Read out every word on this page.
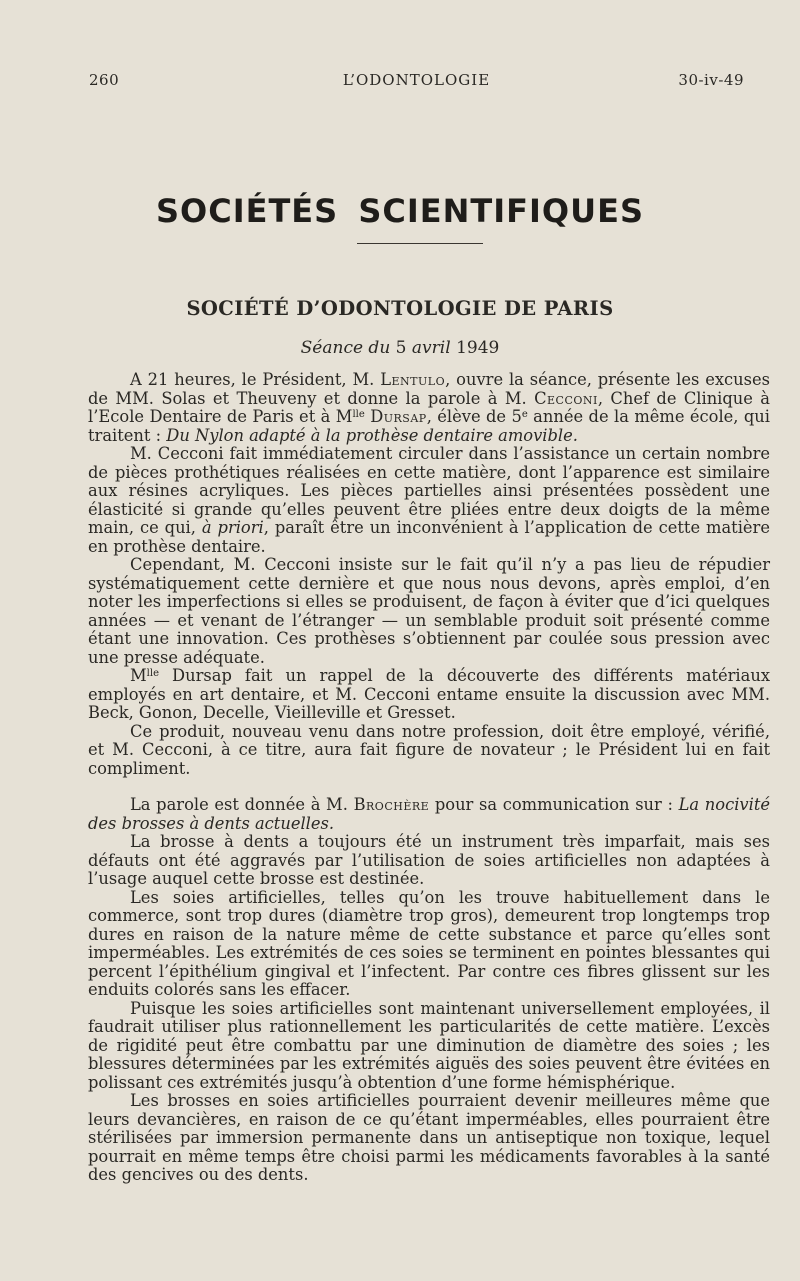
260	L’ODONTOLOGIE	30-iv-49
SOCIÉTÉS SCIENTIFIQUES
SOCIÉTÉ D’ODONTOLOGIE DE PARIS
Séance du 5 avril 1949

A 21 heures, le Président, M. Lentulo, ouvre la séance, présente les excuses de MM. Solas et Theuveny et donne la parole à M. Cecconi, Chef de Clinique à l’Ecole Dentaire de Paris et à $M^{lle}$ Dursap, élève de 5e année de la même école, qui traitent : Du Nylon adapté à la prothèse dentaire amovible.

M. Cecconi fait immédiatement circuler dans l’assistance un certain nombre de pièces prothétiques réalisées en cette matière, dont l’apparence est similaire aux résines acryliques. Les pièces partielles ainsi présentées possèdent une élasticité si grande qu’elles peuvent être pliées entre deux doigts de la même main, ce qui, à priori, paraît être un inconvénient à l’application de cette matière en prothèse dentaire.

Cependant, M. Cecconi insiste sur le fait qu’il n’y a pas lieu de répudier systématiquement cette dernière et que nous nous devons, après emploi, d’en noter les imperfections si elles se produisent, de façon à éviter que d’ici quelques années — et venant de l’étranger — un semblable produit soit présenté comme étant une innovation. Ces prothèses s’obtiennent par coulée sous pression avec une presse adéquate.

$M^{lle}$ Dursap fait un rappel de la découverte des différents matériaux employés en art dentaire, et M. Cecconi entame ensuite la discussion avec MM. Beck, Gonon, Decelle, Vieilleville et Gresset.

Ce produit, nouveau venu dans notre profession, doit être employé, vérifié, et M. Cecconi, à ce titre, aura fait figure de novateur ; le Président lui en fait compliment.

La parole est donnée à M. Brochère pour sa communication sur : La nocivité des brosses à dents actuelles.

La brosse à dents a toujours été un instrument très imparfait, mais ses défauts ont été aggravés par l’utilisation de soies artificielles non adaptées à l’usage auquel cette brosse est destinée.

Les soies artificielles, telles qu’on les trouve habituellement dans le commerce, sont trop dures (diamètre trop gros), demeurent trop longtemps trop dures en raison de la nature même de cette substance et parce qu’elles sont imperméables. Les extrémités de ces soies se terminent en pointes blessantes qui percent l’épithélium gingival et l’infectent. Par contre ces fibres glissent sur les enduits colorés sans les effacer.

Puisque les soies artificielles sont maintenant universellement employées, il faudrait utiliser plus rationnellement les particularités de cette matière. L’excès de rigidité peut être combattu par une diminution de diamètre des soies ; les blessures déterminées par les extrémités aiguës des soies peuvent être évitées en polissant ces extrémités jusqu’à obtention d’une forme hémisphérique.

Les brosses en soies artificielles pourraient devenir meilleures même que leurs devancières, en raison de ce qu’étant imperméables, elles pourraient être stérilisées par immersion permanente dans un antiseptique non toxique, lequel pourrait en même temps être choisi parmi les médicaments favorables à la santé des gencives ou des dents.
